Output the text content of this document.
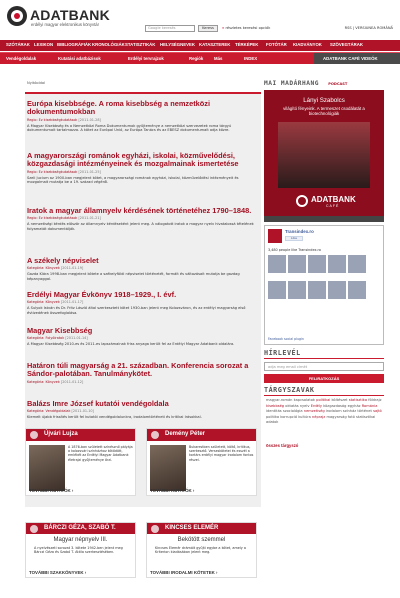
ADATBANK
erdélyi magyar elektronikus könyvtár
Google keresés	Keress	» részletes keresési opciók	RSS | VERSIUNEA ROMÂNĂ
SZÓTÁRAK LEXIKON BIBLIOGRÁFIÁK KRONOLÓGIÁK STATISZTIKÁK HELYSÉGNEVEK KATASZTEREK TÉRKÉPEK FOTÓTÁR KIADVÁNYOK SZÖVEGTÁRAK
Vendégoldalak	Kutatási adatbázisok	Erdélyi tervrajzok	Regiók Más	INDEX	ADATBANK CAFÉ VIDEÓK
Nyitóoldal
Európa kisebbsége. A roma kisebbség a nemzetközi dokumentumokban
Regio: Ez kisebbségkutatások [2011-01-28]
A Magyar Kisebbség és a Nemzetközi Roma Dokumentumok gyűjteménye a nemzetközi szervezetek roma tárgyú dokumentumait tartalmazza. A kötet az Európai Unió, az Európa Tanács és az EBESZ dokumentumait adja közre.
A magyarországi románok egyházi, iskolai, közművelődési, közgazdasági intézményeinek és mozgalmainak ismertetése
Regio: Ez kisebbségkutatások [2011-01-25]
Szeli Jucium az 1900-ban megjelent kötet, a magyarországi románok egyházi, iskolai, közművelődési intézményeit és mozgalmait mutatja be a 19. század végéről.
Iratok a magyar államnyelv kérdésének történetéhez 1790–1848.
Regio: Ez kisebbségkutatások [2011-01-21]
A nemzetiségi kérdés először az államnyelv kérdéseként jelent meg. A válogatott iratok a magyar nyelv hivatalossá tételének folyamatát dokumentálják.
A székely népviselet
Kategória: Könyvek [2011-01-19]
Gazda Klára 1998-ban megjelent kötete a székelyföldi népviselet történetét, formáit és változásait mutatja be gazdag képanyaggal.
Erdélyi Magyar Évkönyv 1918–1929., I. évf.
Kategória: Könyvek [2011-01-17]
A Sulyok István és Dr. Fritz László által szerkesztett kötet 1930-ban jelent meg Kolozsváron, és az erdélyi magyarság első évtizedének összefoglalása.
Magyar Kisebbség
Kategória: Folyóiratok [2011-01-14]
A Magyar Kisebbség 2010-es és 2011-es lapszámainak friss anyaga került fel az Erdélyi Magyar Adatbank oldalára.
Határon túli magyarság a 21. században. Konferencia sorozat a Sándor-palotában. Tanulmánykötet.
Kategória: Könyvek [2011-01-12]
Balázs Imre József kutatói vendégoldala
Kategória: Vendégoldalak [2011-01-10]
Kiemelt újabb frissítés került fel kutatói vendégoldalunkra, irodalomtörténeti és kritikai írásokkal.
Újvári Lujza
A 1876-ban született színésznő pályája a kolozsvári színházhoz kötődött, emlékét az Erdélyi Magyar Adatbank életrajzi gyűjteménye őrzi.
TOVÁBBI KUTATÓK ›
Demény Péter
Bukarestben született, költő, kritikus, szerkesztő. Verseskötetei és esszéi a kortárs erdélyi magyar irodalom fontos részei.
TOVÁBBI KUTATÓK ›
BÁRCZI GÉZA, SZABÓ T.
Magyar népnyelv III.
A nyelvészeti sorozat 3. kötete 1942-ben jelent meg Bárczi Géza és Szabó T. Attila szerkesztésében.
TOVÁBBI SZAKKÖNYVEK ›
KINCSES ELEMÉR
Bekötött szemmel
Kincses Elemér drámáit gyűjti egybe a kötet, amely a Kriterion kiadásában jelent meg.
TOVÁBBI IRODALMI KÖTETEK ›
MAI MADÁRHANG	PODCAST
Lányi Szabolcs
világító fényeink. A termeszet csodálatát a biotechnológiák
ADATBANK
CAFÉ
Transindex.ro
Like
3,480 people like Transindex.ro
Facebook social plugin
HÍRLEVÉL
adja meg email címét
FELIRATKOZÁS
TÁRGYSZAVAK
magyar-román kapcsolatok politikai költészet statisztika földrajz kisebbség oktatás nyelv Erdély közgazdaság egyház Románia identitás szociológia nemzetiség irodalom színház történet sajtó politika korrupció kultúra néprajz magyarság fotó statisztikai adatok
összes tárgyszó
